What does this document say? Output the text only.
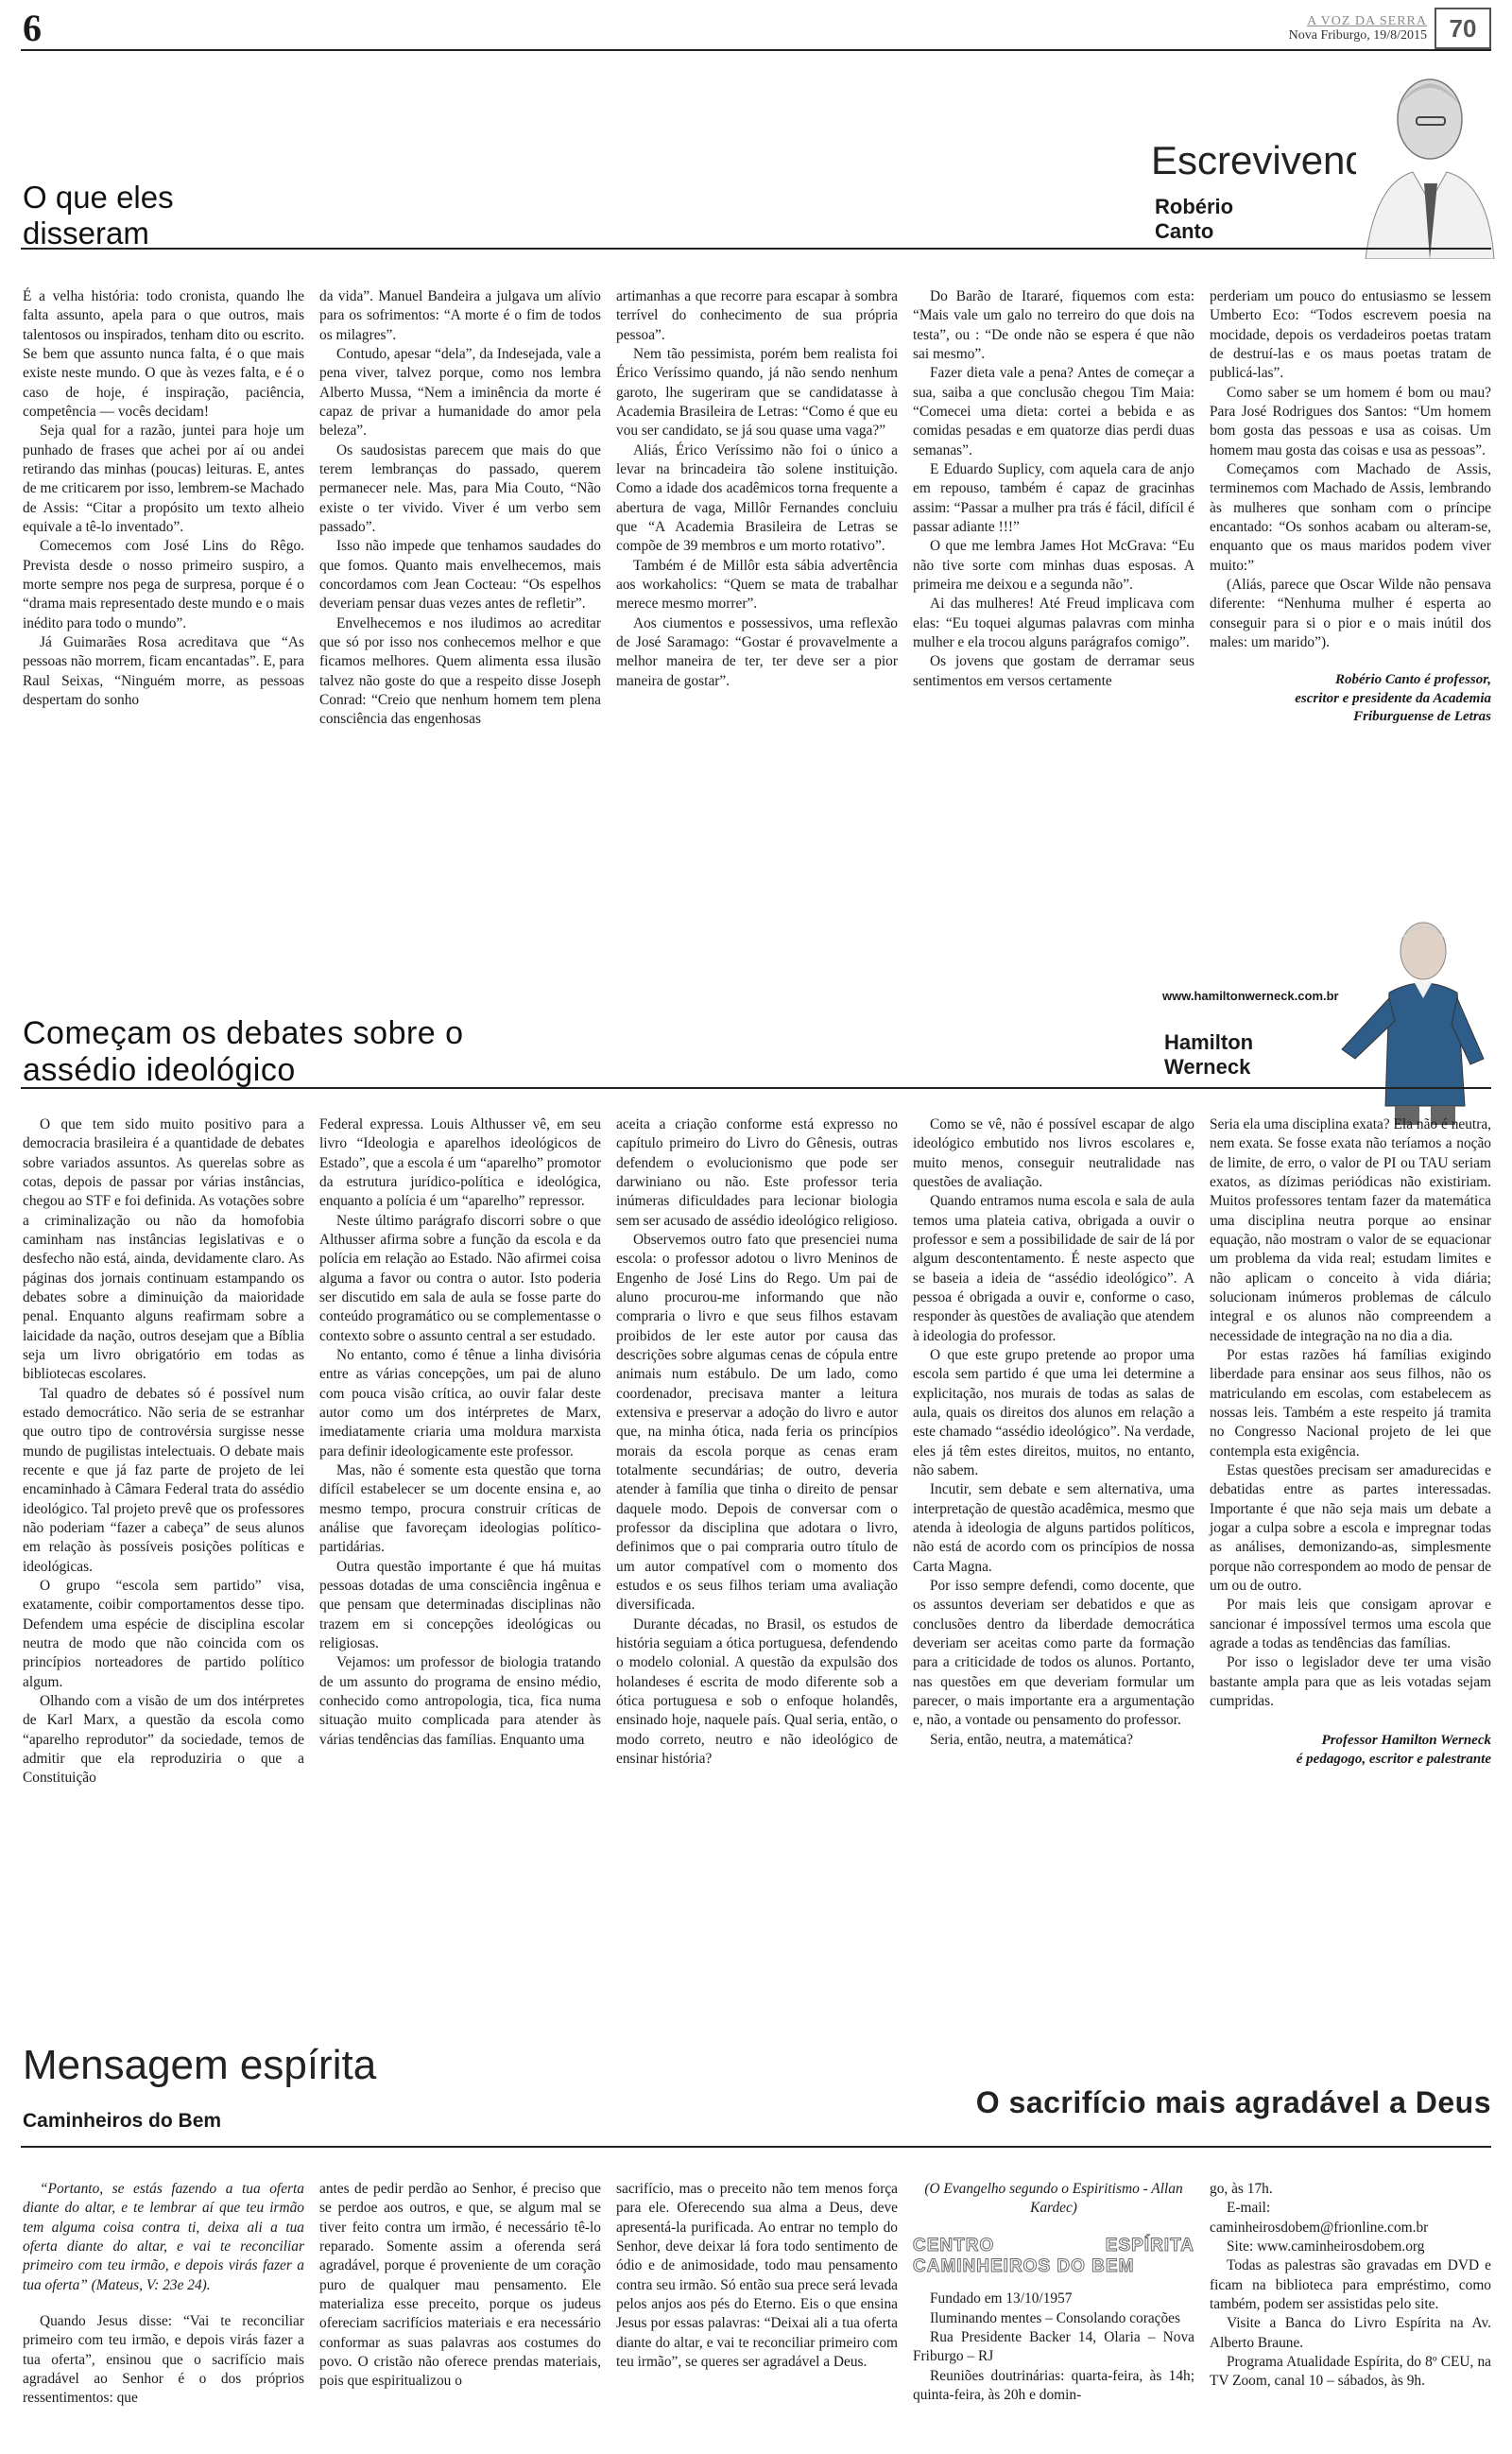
6	A VOZ DA SERRA
Nova Friburgo, 19/8/2015 70
O que eles disseram
Escrevivendo
Robério Canto

É a velha história: todo cronista, quando lhe falta assunto, apela para o que outros, mais talentosos ou inspirados, tenham dito ou escrito. Se bem que assunto nunca falta, é o que mais existe neste mundo. O que às vezes falta, e é o caso de hoje, é inspiração, paciência, competência — vocês decidam!

Seja qual for a razão, juntei para hoje um punhado de frases que achei por aí ou andei retirando das minhas (poucas) leituras. E, antes de me criticarem por isso, lembrem-se Machado de Assis: “Citar a propósito um texto alheio equivale a tê-lo inventado”.

Comecemos com José Lins do Rêgo. Prevista desde o nosso primeiro suspiro, a morte sempre nos pega de surpresa, porque é o “drama mais representado deste mundo e o mais inédito para todo o mundo”.

Já Guimarães Rosa acreditava que “As pessoas não morrem, ficam encantadas”. E, para Raul Seixas, “Ninguém morre, as pessoas despertam do sonho

da vida”. Manuel Bandeira a julgava um alívio para os sofrimentos: “A morte é o fim de todos os milagres”.

Contudo, apesar “dela”, da Indesejada, vale a pena viver, talvez porque, como nos lembra Alberto Mussa, “Nem a iminência da morte é capaz de privar a humanidade do amor pela beleza”.

Os saudosistas parecem que mais do que terem lembranças do passado, querem permanecer nele. Mas, para Mia Couto, “Não existe o ter vivido. Viver é um verbo sem passado”.

Isso não impede que tenhamos saudades do que fomos. Quanto mais envelhecemos, mais concordamos com Jean Cocteau: “Os espelhos deveriam pensar duas vezes antes de refletir”.

Envelhecemos e nos iludimos ao acreditar que só por isso nos conhecemos melhor e que ficamos melhores. Quem alimenta essa ilusão talvez não goste do que a respeito disse Joseph Conrad: “Creio que nenhum homem tem plena consciência das engenhosas

artimanhas a que recorre para escapar à sombra terrível do conhecimento de sua própria pessoa”.

Nem tão pessimista, porém bem realista foi Érico Veríssimo quando, já não sendo nenhum garoto, lhe sugeriram que se candidatasse à Academia Brasileira de Letras: “Como é que eu vou ser candidato, se já sou quase uma vaga?”

Aliás, Érico Veríssimo não foi o único a levar na brincadeira tão solene instituição. Como a idade dos acadêmicos torna frequente a abertura de vaga, Millôr Fernandes concluiu que “A Academia Brasileira de Letras se compõe de 39 membros e um morto rotativo”.

Também é de Millôr esta sábia advertência aos workaholics: “Quem se mata de trabalhar merece mesmo morrer”.

Aos ciumentos e possessivos, uma reflexão de José Saramago: “Gostar é provavelmente a melhor maneira de ter, ter deve ser a pior maneira de gostar”.

Do Barão de Itararé, fiquemos com esta: “Mais vale um galo no terreiro do que dois na testa”, ou : “De onde não se espera é que não sai mesmo”.

Fazer dieta vale a pena? Antes de começar a sua, saiba a que conclusão chegou Tim Maia: “Comecei uma dieta: cortei a bebida e as comidas pesadas e em quatorze dias perdi duas semanas”.

E Eduardo Suplicy, com aquela cara de anjo em repouso, também é capaz de gracinhas assim: “Passar a mulher pra trás é fácil, difícil é passar adiante !!!”

O que me lembra James Hot McGrava: “Eu não tive sorte com minhas duas esposas. A primeira me deixou e a segunda não”.

Ai das mulheres! Até Freud implicava com elas: “Eu toquei algumas palavras com minha mulher e ela trocou alguns parágrafos comigo”.

Os jovens que gostam de derramar seus sentimentos em versos certamente

perderiam um pouco do entusiasmo se lessem Umberto Eco: “Todos escrevem poesia na mocidade, depois os verdadeiros poetas tratam de destruí-las e os maus poetas tratam de publicá-las”.

Como saber se um homem é bom ou mau? Para José Rodrigues dos Santos: “Um homem bom gosta das pessoas e usa as coisas. Um homem mau gosta das coisas e usa as pessoas”.

Começamos com Machado de Assis, terminemos com Machado de Assis, lembrando às mulheres que sonham com o príncipe encantado: “Os sonhos acabam ou alteram-se, enquanto que os maus maridos podem viver muito:”

(Aliás, parece que Oscar Wilde não pensava diferente: “Nenhuma mulher é esperta ao conseguir para si o pior e o mais inútil dos males: um marido”).

Robério Canto é professor,
escritor e presidente da Academia
Friburguense de Letras
www.hamiltonwerneck.com.br
Começam os debates sobre o assédio ideológico
Hamilton Werneck

O que tem sido muito positivo para a democracia brasileira é a quantidade de debates sobre variados assuntos. As querelas sobre as cotas, depois de passar por várias instâncias, chegou ao STF e foi definida. As votações sobre a criminalização ou não da homofobia caminham nas instâncias legislativas e o desfecho não está, ainda, devidamente claro. As páginas dos jornais continuam estampando os debates sobre a diminuição da maioridade penal. Enquanto alguns reafirmam sobre a laicidade da nação, outros desejam que a Bíblia seja um livro obrigatório em todas as bibliotecas escolares.

Tal quadro de debates só é possível num estado democrático. Não seria de se estranhar que outro tipo de controvérsia surgisse nesse mundo de pugilistas intelectuais. O debate mais recente e que já faz parte de projeto de lei encaminhado à Câmara Federal trata do assédio ideológico. Tal projeto prevê que os professores não poderiam “fazer a cabeça” de seus alunos em relação às possíveis posições políticas e ideológicas.

O grupo “escola sem partido” visa, exatamente, coibir comportamentos desse tipo. Defendem uma espécie de disciplina escolar neutra de modo que não coincida com os princípios norteadores de partido político algum.

Olhando com a visão de um dos intérpretes de Karl Marx, a questão da escola como “aparelho reprodutor” da sociedade, temos de admitir que ela reproduziria o que a Constituição

Federal expressa. Louis Althusser vê, em seu livro “Ideologia e aparelhos ideológicos de Estado”, que a escola é um “aparelho” promotor da estrutura jurídico-política e ideológica, enquanto a polícia é um “aparelho” repressor.

Neste último parágrafo discorri sobre o que Althusser afirma sobre a função da escola e da polícia em relação ao Estado. Não afirmei coisa alguma a favor ou contra o autor. Isto poderia ser discutido em sala de aula se fosse parte do conteúdo programático ou se complementasse o contexto sobre o assunto central a ser estudado.

No entanto, como é tênue a linha divisória entre as várias concepções, um pai de aluno com pouca visão crítica, ao ouvir falar deste autor como um dos intérpretes de Marx, imediatamente criaria uma moldura marxista para definir ideologicamente este professor.

Mas, não é somente esta questão que torna difícil estabelecer se um docente ensina e, ao mesmo tempo, procura construir críticas de análise que favoreçam ideologias político-partidárias.

Outra questão importante é que há muitas pessoas dotadas de uma consciência ingênua e que pensam que determinadas disciplinas não trazem em si concepções ideológicas ou religiosas.

Vejamos: um professor de biologia tratando de um assunto do programa de ensino médio, conhecido como antropologia, tica, fica numa situação muito complicada para atender às várias tendências das famílias. Enquanto uma

aceita a criação conforme está expresso no capítulo primeiro do Livro do Gênesis, outras defendem o evolucionismo que pode ser darwiniano ou não. Este professor teria inúmeras dificuldades para lecionar biologia sem ser acusado de assédio ideológico religioso.

Observemos outro fato que presenciei numa escola: o professor adotou o livro Meninos de Engenho de José Lins do Rego. Um pai de aluno procurou-me informando que não compraria o livro e que seus filhos estavam proibidos de ler este autor por causa das descrições sobre algumas cenas de cópula entre animais num estábulo. De um lado, como coordenador, precisava manter a leitura extensiva e preservar a adoção do livro e autor que, na minha ótica, nada feria os princípios morais da escola porque as cenas eram totalmente secundárias; de outro, deveria atender à família que tinha o direito de pensar daquele modo. Depois de conversar com o professor da disciplina que adotara o livro, definimos que o pai compraria outro título de um autor compatível com o momento dos estudos e os seus filhos teriam uma avaliação diversificada.

Durante décadas, no Brasil, os estudos de história seguiam a ótica portuguesa, defendendo o modelo colonial. A questão da expulsão dos holandeses é escrita de modo diferente sob a ótica portuguesa e sob o enfoque holandês, ensinado hoje, naquele país. Qual seria, então, o modo correto, neutro e não ideológico de ensinar história?

Como se vê, não é possível escapar de algo ideológico embutido nos livros escolares e, muito menos, conseguir neutralidade nas questões de avaliação.

Quando entramos numa escola e sala de aula temos uma plateia cativa, obrigada a ouvir o professor e sem a possibilidade de sair de lá por algum descontentamento. É neste aspecto que se baseia a ideia de “assédio ideológico”. A pessoa é obrigada a ouvir e, conforme o caso, responder às questões de avaliação que atendem à ideologia do professor.

O que este grupo pretende ao propor uma escola sem partido é que uma lei determine a explicitação, nos murais de todas as salas de aula, quais os direitos dos alunos em relação a este chamado “assédio ideológico”. Na verdade, eles já têm estes direitos, muitos, no entanto, não sabem.

Incutir, sem debate e sem alternativa, uma interpretação de questão acadêmica, mesmo que atenda à ideologia de alguns partidos políticos, não está de acordo com os princípios de nossa Carta Magna.

Por isso sempre defendi, como docente, que os assuntos deveriam ser debatidos e que as conclusões dentro da liberdade democrática deveriam ser aceitas como parte da formação para a criticidade de todos os alunos. Portanto, nas questões em que deveriam formular um parecer, o mais importante era a argumentação e, não, a vontade ou pensamento do professor.

Seria, então, neutra, a matemática?

Seria ela uma disciplina exata? Ela não é neutra, nem exata. Se fosse exata não teríamos a noção de limite, de erro, o valor de PI ou TAU seriam exatos, as dízimas periódicas não existiriam. Muitos professores tentam fazer da matemática uma disciplina neutra porque ao ensinar equação, não mostram o valor de se equacionar um problema da vida real; estudam limites e não aplicam o conceito à vida diária; solucionam inúmeros problemas de cálculo integral e os alunos não compreendem a necessidade de integração na no dia a dia.

Por estas razões há famílias exigindo liberdade para ensinar aos seus filhos, não os matriculando em escolas, com estabelecem as nossas leis. Também a este respeito já tramita no Congresso Nacional projeto de lei que contempla esta exigência.

Estas questões precisam ser amadurecidas e debatidas entre as partes interessadas. Importante é que não seja mais um debate a jogar a culpa sobre a escola e impregnar todas as análises, demonizando-as, simplesmente porque não correspondem ao modo de pensar de um ou de outro.

Por mais leis que consigam aprovar e sancionar é impossível termos uma escola que agrade a todas as tendências das famílias.

Por isso o legislador deve ter uma visão bastante ampla para que as leis votadas sejam cumpridas.

Professor Hamilton Werneck
é pedagogo, escritor e palestrante
Mensagem espírita
Caminheiros do Bem
O sacrifício mais agradável a Deus

“Portanto, se estás fazendo a tua oferta diante do altar, e te lembrar aí que teu irmão tem alguma coisa contra ti, deixa ali a tua oferta diante do altar, e vai te reconciliar primeiro com teu irmão, e depois virás fazer a tua oferta” (Mateus, V: 23e 24).

Quando Jesus disse: “Vai te reconciliar primeiro com teu irmão, e depois virás fazer a tua oferta”, ensinou que o sacrifício mais agradável ao Senhor é o dos próprios ressentimentos: que

antes de pedir perdão ao Senhor, é preciso que se perdoe aos outros, e que, se algum mal se tiver feito contra um irmão, é necessário tê-lo reparado. Somente assim a oferenda será agradável, porque é proveniente de um coração puro de qualquer mau pensamento. Ele materializa esse preceito, porque os judeus ofereciam sacrifícios materiais e era necessário conformar as suas palavras aos costumes do povo. O cristão não oferece prendas materiais, pois que espiritualizou o

sacrifício, mas o preceito não tem menos força para ele. Oferecendo sua alma a Deus, deve apresentá-la purificada. Ao entrar no templo do Senhor, deve deixar lá fora todo sentimento de ódio e de animosidade, todo mau pensamento contra seu irmão. Só então sua prece será levada pelos anjos aos pés do Eterno. Eis o que ensina Jesus por essas palavras: “Deixai ali a tua oferta diante do altar, e vai te reconciliar primeiro com teu irmão”, se queres ser agradável a Deus.

(O Evangelho segundo o Espiritismo - Allan Kardec)

CENTRO ESPÍRITA CAMINHEIROS DO BEM

Fundado em 13/10/1957

Iluminando mentes – Consolando corações

Rua Presidente Backer 14, Olaria – Nova Friburgo – RJ

Reuniões doutrinárias: quarta-feira, às 14h; quinta-feira, às 20h e domin-

go, às 17h.

E-mail: caminheirosdobem@frionline.com.br

Site: www.caminheirosdobem.org

Todas as palestras são gravadas em DVD e ficam na biblioteca para empréstimo, como também, podem ser assistidas pelo site.

Visite a Banca do Livro Espírita na Av. Alberto Braune.

Programa Atualidade Espírita, do 8º CEU, na TV Zoom, canal 10 – sábados, às 9h.
